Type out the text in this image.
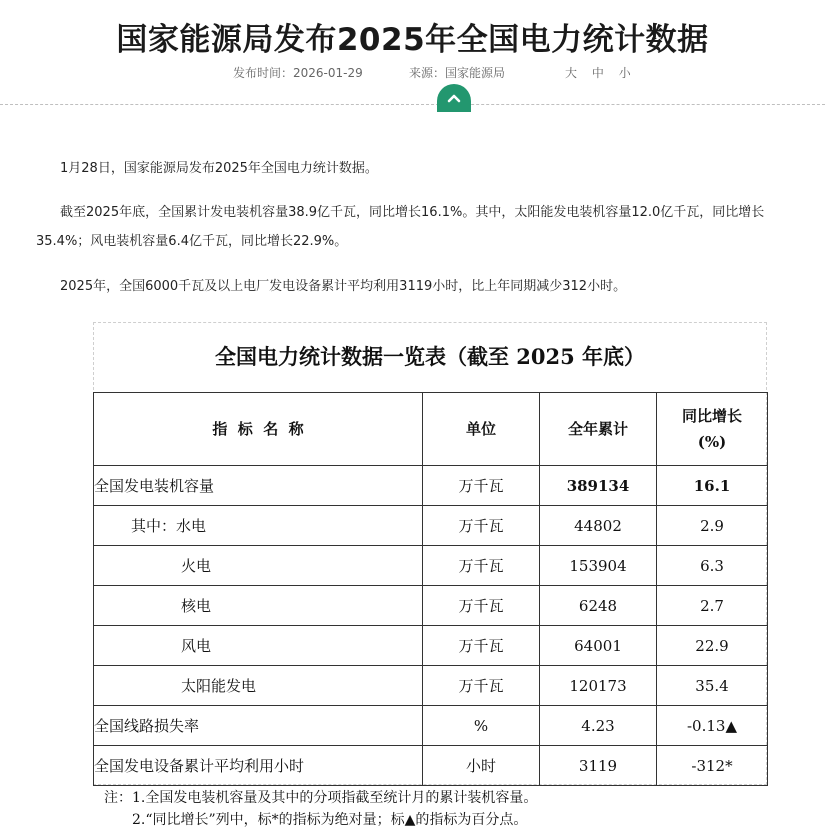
国家能源局发布2025年全国电力统计数据
发布时间：2026-01-29	来源：国家能源局	大 中 小

1月28日，国家能源局发布2025年全国电力统计数据。

截至2025年底，全国累计发电装机容量38.9亿千瓦，同比增长16.1%。其中，太阳能发电装机容量12.0亿千瓦，同比增长35.4%；风电装机容量6.4亿千瓦，同比增长22.9%。

2025年，全国6000千瓦及以上电厂发电设备累计平均利用3119小时，比上年同期减少312小时。

全国电力统计数据一览表（截至 2025 年底）
指  标  名  称	单位	全年累计	同比增长
(%)

全国发电装机容量	万千瓦	389134	16.1
其中：水电	万千瓦	44802	2.9
火电	万千瓦	153904	6.3
核电	万千瓦	6248	2.7
风电	万千瓦	64001	22.9
太阳能发电	万千瓦	120173	35.4
全国线路损失率	%	4.23	-0.13▲
全国发电设备累计平均利用小时	小时	3119	-312*
注：1.全国发电装机容量及其中的分项指截至统计月的累计装机容量。
2.“同比增长”列中，标*的指标为绝对量；标▲的指标为百分点。
